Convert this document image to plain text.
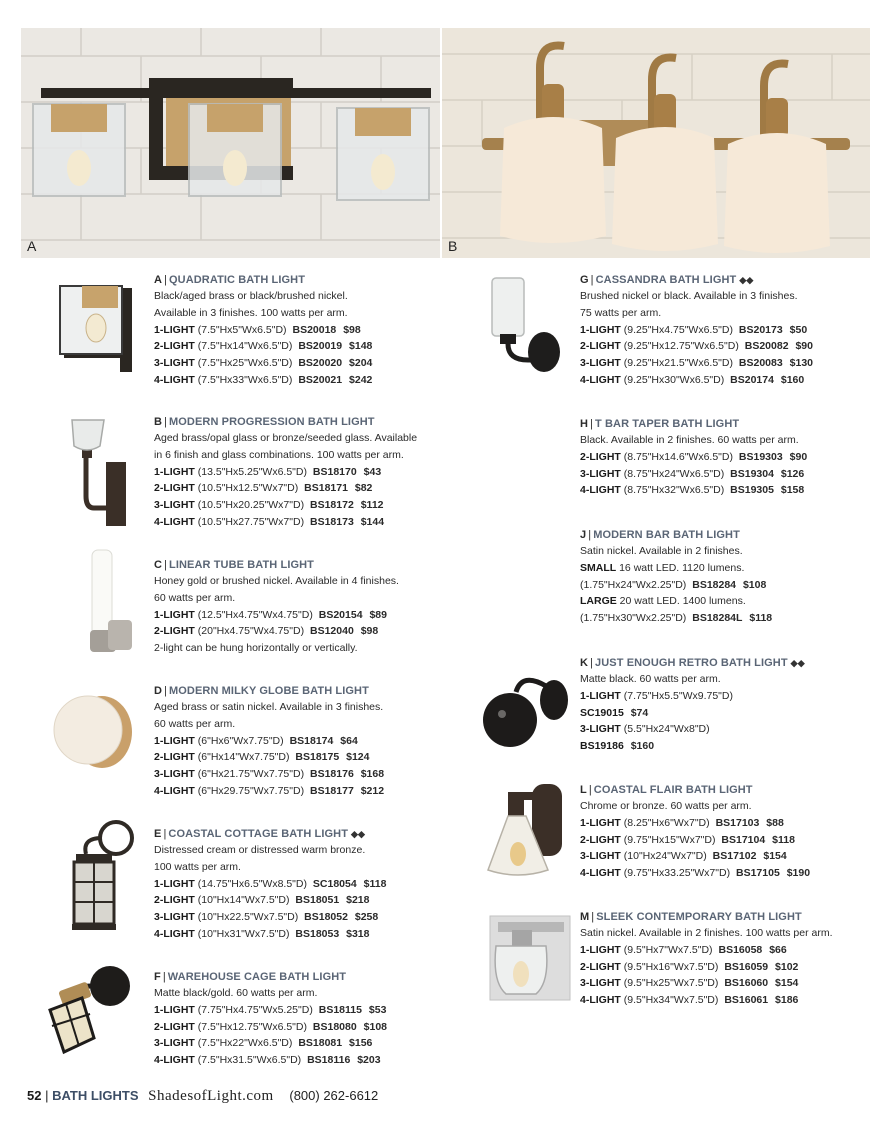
A	B
A | QUADRATIC BATH LIGHT
Black/aged brass or black/brushed nickel.
Available in 3 finishes. 100 watts per arm.
1-LIGHT (7.5"Hx5"Wx6.5"D) BS20018 $98
2-LIGHT (7.5"Hx14"Wx6.5"D) BS20019 $148
3-LIGHT (7.5"Hx25"Wx6.5"D) BS20020 $204
4-LIGHT (7.5"Hx33"Wx6.5"D) BS20021 $242
B | MODERN PROGRESSION BATH LIGHT
Aged brass/opal glass or bronze/seeded glass. Available
in 6 finish and glass combinations. 100 watts per arm.
1-LIGHT (13.5"Hx5.25"Wx6.5"D) BS18170 $43
2-LIGHT (10.5"Hx12.5"Wx7"D) BS18171 $82
3-LIGHT (10.5"Hx20.25"Wx7"D) BS18172 $112
4-LIGHT (10.5"Hx27.75"Wx7"D) BS18173 $144
C | LINEAR TUBE BATH LIGHT
Honey gold or brushed nickel. Available in 4 finishes.
60 watts per arm.
1-LIGHT (12.5"Hx4.75"Wx4.75"D) BS20154 $89
2-LIGHT (20"Hx4.75"Wx4.75"D) BS12040 $98
2-light can be hung horizontally or vertically.
D | MODERN MILKY GLOBE BATH LIGHT
Aged brass or satin nickel. Available in 3 finishes.
60 watts per arm.
1-LIGHT (6"Hx6"Wx7.75"D) BS18174 $64
2-LIGHT (6"Hx14"Wx7.75"D) BS18175 $124
3-LIGHT (6"Hx21.75"Wx7.75"D) BS18176 $168
4-LIGHT (6"Hx29.75"Wx7.75"D) BS18177 $212
E | COASTAL COTTAGE BATH LIGHT ◆◆
Distressed cream or distressed warm bronze.
100 watts per arm.
1-LIGHT (14.75"Hx6.5"Wx8.5"D) SC18054 $118
2-LIGHT (10"Hx14"Wx7.5"D) BS18051 $218
3-LIGHT (10"Hx22.5"Wx7.5"D) BS18052 $258
4-LIGHT (10"Hx31"Wx7.5"D) BS18053 $318
F | WAREHOUSE CAGE BATH LIGHT
Matte black/gold. 60 watts per arm.
1-LIGHT (7.75"Hx4.75"Wx5.25"D) BS18115 $53
2-LIGHT (7.5"Hx12.75"Wx6.5"D) BS18080 $108
3-LIGHT (7.5"Hx22"Wx6.5"D) BS18081 $156
4-LIGHT (7.5"Hx31.5"Wx6.5"D) BS18116 $203
G | CASSANDRA BATH LIGHT ◆◆
Brushed nickel or black. Available in 3 finishes.
75 watts per arm.
1-LIGHT (9.25"Hx4.75"Wx6.5"D) BS20173 $50
2-LIGHT (9.25"Hx12.75"Wx6.5"D) BS20082 $90
3-LIGHT (9.25"Hx21.5"Wx6.5"D) BS20083 $130
4-LIGHT (9.25"Hx30"Wx6.5"D) BS20174 $160
H | T BAR TAPER BATH LIGHT
Black. Available in 2 finishes. 60 watts per arm.
2-LIGHT (8.75"Hx14.6"Wx6.5"D) BS19303 $90
3-LIGHT (8.75"Hx24"Wx6.5"D) BS19304 $126
4-LIGHT (8.75"Hx32"Wx6.5"D) BS19305 $158
J | MODERN BAR BATH LIGHT
Satin nickel. Available in 2 finishes.
SMALL 16 watt LED. 1120 lumens.
(1.75"Hx24"Wx2.25"D) BS18284 $108
LARGE 20 watt LED. 1400 lumens.
(1.75"Hx30"Wx2.25"D) BS18284L $118
K | JUST ENOUGH RETRO BATH LIGHT ◆◆
Matte black. 60 watts per arm.
1-LIGHT (7.75"Hx5.5"Wx9.75"D)
SC19015 $74
3-LIGHT (5.5"Hx24"Wx8"D)
BS19186 $160
L | COASTAL FLAIR BATH LIGHT
Chrome or bronze. 60 watts per arm.
1-LIGHT (8.25"Hx6"Wx7"D) BS17103 $88
2-LIGHT (9.75"Hx15"Wx7"D) BS17104 $118
3-LIGHT (10"Hx24"Wx7"D) BS17102 $154
4-LIGHT (9.75"Hx33.25"Wx7"D) BS17105 $190
M | SLEEK CONTEMPORARY BATH LIGHT
Satin nickel. Available in 2 finishes. 100 watts per arm.
1-LIGHT (9.5"Hx7"Wx7.5"D) BS16058 $66
2-LIGHT (9.5"Hx16"Wx7.5"D) BS16059 $102
3-LIGHT (9.5"Hx25"Wx7.5"D) BS16060 $154
4-LIGHT (9.5"Hx34"Wx7.5"D) BS16061 $186
52 | BATH LIGHTS ShadesofLight.com (800) 262-6612
